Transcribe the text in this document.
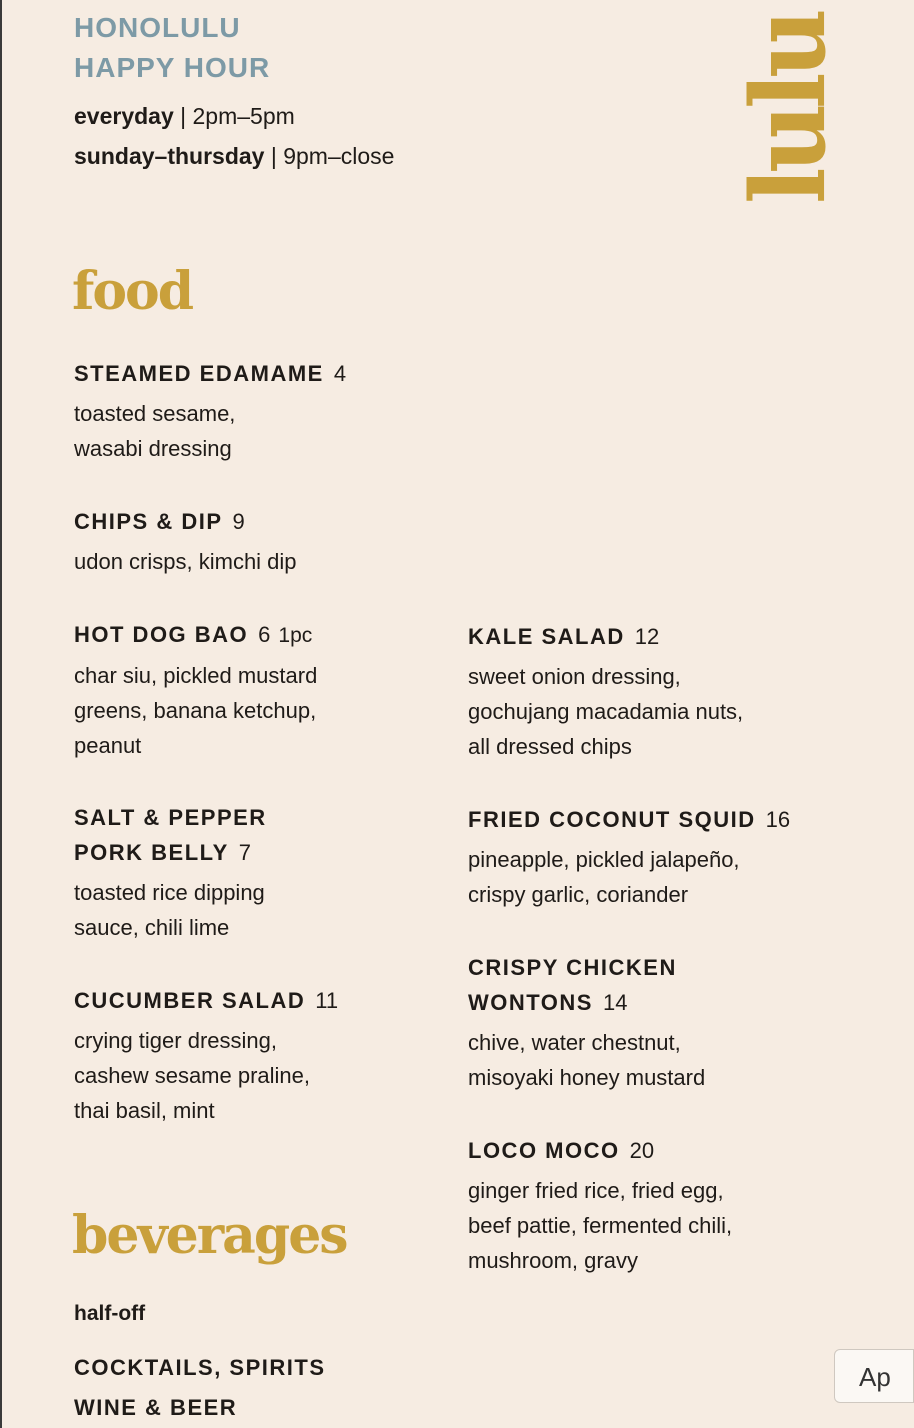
HONOLULU
HAPPY HOUR
everyday | 2pm–5pm
sunday–thursday | 9pm–close	lulu
food
STEAMED EDAMAME 4
toasted sesame,
wasabi dressing
CHIPS & DIP 9
udon crisps, kimchi dip
HOT DOG BAO 6 1pc
char siu, pickled mustard
greens, banana ketchup,
peanut
SALT & PEPPER
PORK BELLY 7
toasted rice dipping
sauce, chili lime
CUCUMBER SALAD 11
crying tiger dressing,
cashew sesame praline,
thai basil, mint
KALE SALAD 12
sweet onion dressing,
gochujang macadamia nuts,
all dressed chips
FRIED COCONUT SQUID 16
pineapple, pickled jalapeño,
crispy garlic, coriander
CRISPY CHICKEN
WONTONS 14
chive, water chestnut,
misoyaki honey mustard
LOCO MOCO 20
ginger fried rice, fried egg,
beef pattie, fermented chili,
mushroom, gravy
beverages
half-off
COCKTAILS, SPIRITS
WINE & BEER
Ap
